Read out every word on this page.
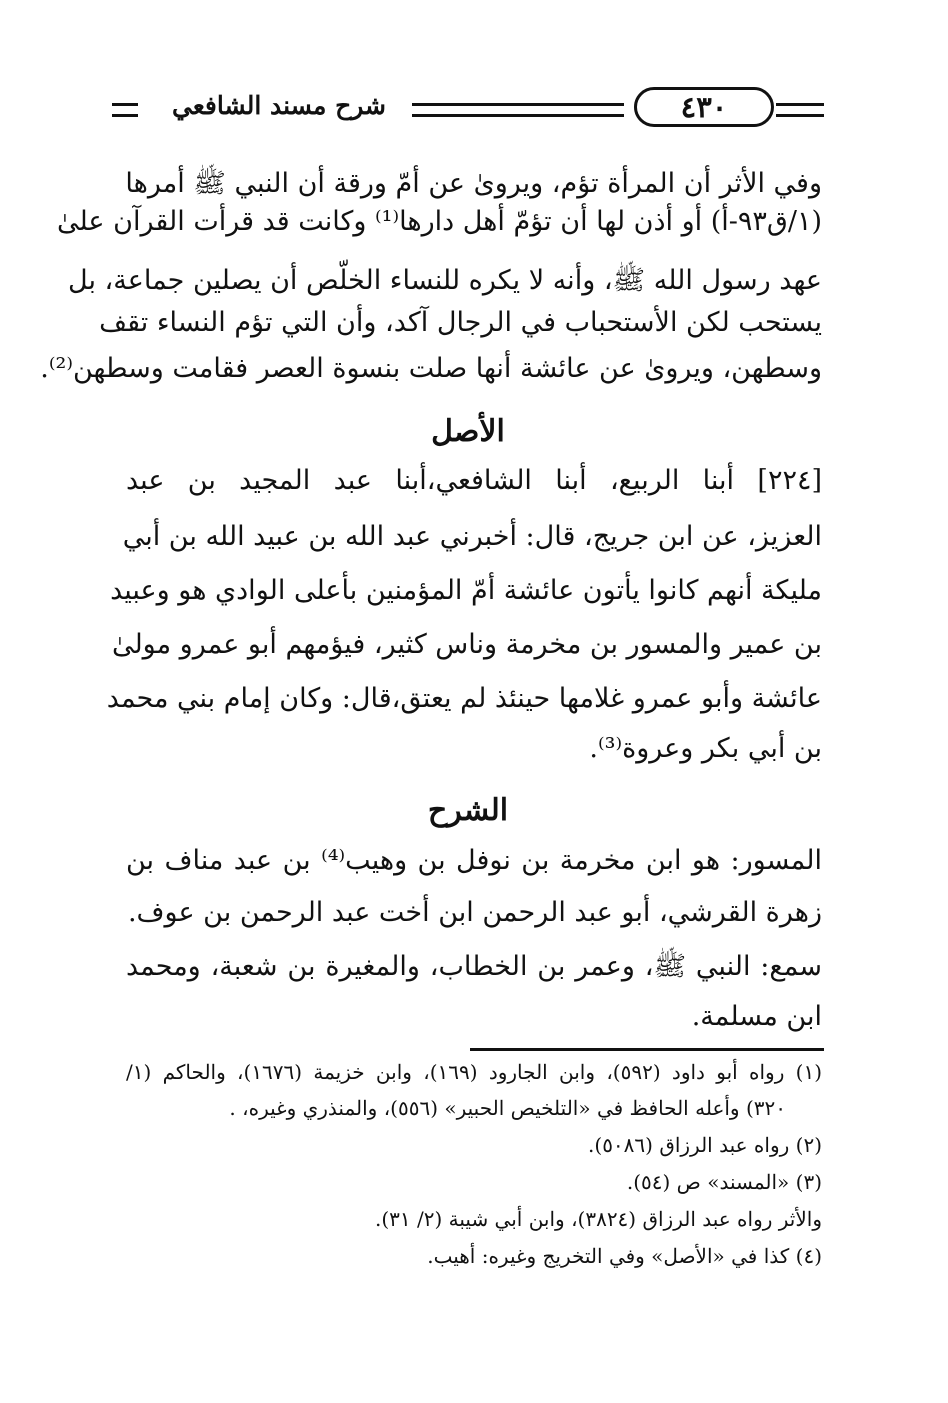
٤٣٠
شرح مسند الشافعي
وفي الأثر أن المرأة تؤم، ويرویٰ عن أمّ ورقة أن النبي ﷺ أمرها
(١/ق٩٣-أ) أو أذن لها أن تؤمّ أهل دارها⁽¹⁾ وكانت قد قرأت القرآن علىٰ
عهد رسول الله ﷺ، وأنه لا يكره للنساء الخلّص أن يصلين جماعة، بل
يستحب لكن الأستحباب في الرجال آكد، وأن التي تؤم النساء تقف
وسطهن، ويرویٰ عن عائشة أنها صلت بنسوة العصر فقامت وسطهن⁽²⁾.
الأصل
[٢٢٤] أبنا الربيع، أبنا الشافعي،أبنا عبد المجيد بن عبد
العزيز، عن ابن جريج، قال: أخبرني عبد الله بن عبيد الله بن أبي
مليكة أنهم كانوا يأتون عائشة أمّ المؤمنين بأعلى الوادي هو وعبيد
بن عمير والمسور بن مخرمة وناس كثير، فيؤمهم أبو عمرو مولىٰ
عائشة وأبو عمرو غلامها حينئذ لم يعتق،قال: وكان إمام بني محمد
بن أبي بكر وعروة⁽³⁾.
الشرح
المسور: هو ابن مخرمة بن نوفل بن وهيب⁽⁴⁾ بن عبد مناف بن
زهرة القرشي، أبو عبد الرحمن ابن أخت عبد الرحمن بن عوف.
سمع: النبي ﷺ، وعمر بن الخطاب، والمغيرة بن شعبة، ومحمد
ابن مسلمة.
(١) رواه أبو داود (٥٩٢)، وابن الجارود (١٦٩)، وابن خزيمة (١٦٧٦)، والحاكم (١/
٣٢٠) وأعله الحافظ في «التلخيص الحبير» (٥٥٦)، والمنذري وغيره، .
(٢) رواه عبد الرزاق (٥٠٨٦).
(٣) «المسند» ص (٥٤).
والأثر رواه عبد الرزاق (٣٨٢٤)، وابن أبي شيبة (٢/ ٣١).
(٤) كذا في «الأصل» وفي التخريج وغيره: أهيب.
